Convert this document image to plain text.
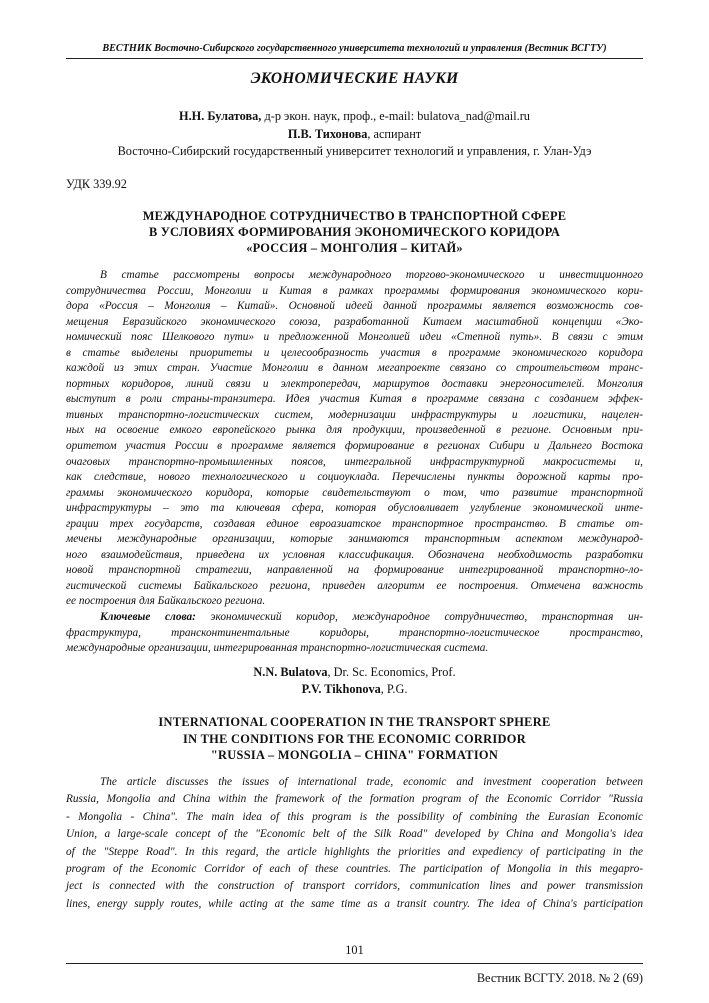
ВЕСТНИК Восточно-Сибирского государственного университета технологий и управления (Вестник ВСГТУ)
ЭКОНОМИЧЕСКИЕ НАУКИ
Н.Н. Булатова, д-р экон. наук, проф., e-mail: bulatova_nad@mail.ru
П.В. Тихонова, аспирант
Восточно-Сибирский государственный университет технологий и управления, г. Улан-Удэ
УДК 339.92
МЕЖДУНАРОДНОЕ СОТРУДНИЧЕСТВО В ТРАНСПОРТНОЙ СФЕРЕ
В УСЛОВИЯХ ФОРМИРОВАНИЯ ЭКОНОМИЧЕСКОГО КОРИДОРА
«РОССИЯ – МОНГОЛИЯ – КИТАЙ»
В статье рассмотрены вопросы международного торгово-экономического и инвестиционного
сотрудничества России, Монголии и Китая в рамках программы формирования экономического кори-
дора «Россия – Монголия – Китай». Основной идеей данной программы является возможность сов-
мещения Евразийского экономического союза, разработанной Китаем масштабной концепции «Эко-
номический пояс Шелкового пути» и предложенной Монголией идеи «Степной путь». В связи с этим
в статье выделены приоритеты и целесообразность участия в программе экономического коридора
каждой из этих стран. Участие Монголии в данном мегапроекте связано со строительством транс-
портных коридоров, линий связи и электропередач, маршрутов доставки энергоносителей. Монголия
выступит в роли страны-транзитера. Идея участия Китая в программе связана с созданием эффек-
тивных транспортно-логистических систем, модернизации инфраструктуры и логистики, нацелен-
ных на освоение емкого европейского рынка для продукции, произведенной в регионе. Основным при-
оритетом участия России в программе является формирование в регионах Сибири и Дальнего Востока
очаговых транспортно-промышленных поясов, интегральной инфраструктурной макросистемы и,
как следствие, нового технологического и социоуклада. Перечислены пункты дорожной карты про-
граммы экономического коридора, которые свидетельствуют о том, что развитие транспортной
инфраструктуры – это та ключевая сфера, которая обусловливает углубление экономической инте-
грации трех государств, создавая единое евроазиатское транспортное пространство. В статье от-
мечены международные организации, которые занимаются транспортным аспектом международ-
ного взаимодействия, приведена их условная классификация. Обозначена необходимость разработки
новой транспортной стратегии, направленной на формирование интегрированной транспортно-ло-
гистической системы Байкальского региона, приведен алгоритм ее построения. Отмечена важность
ее построения для Байкальского региона.
Ключевые слова: экономический коридор, международное сотрудничество, транспортная ин-
фраструктура, трансконтинентальные коридоры, транспортно-логистическое пространство,
международные организации, интегрированная транспортно-логистическая система.
N.N. Bulatova, Dr. Sc. Economics, Prof.
P.V. Tikhonova, P.G.
INTERNATIONAL COOPERATION IN THE TRANSPORT SPHERE
IN THE CONDITIONS FOR THE ECONOMIC CORRIDOR
"RUSSIA – MONGOLIA – CHINA" FORMATION
The article discusses the issues of international trade, economic and investment cooperation between
Russia, Mongolia and China within the framework of the formation program of the Economic Corridor "Russia
- Mongolia - China". The main idea of this program is the possibility of combining the Eurasian Economic
Union, a large-scale concept of the "Economic belt of the Silk Road" developed by China and Mongolia's idea
of the "Steppe Road". In this regard, the article highlights the priorities and expediency of participating in the
program of the Economic Corridor of each of these countries. The participation of Mongolia in this megapro-
ject is connected with the construction of transport corridors, communication lines and power transmission
lines, energy supply routes, while acting at the same time as a transit country. The idea of China's participation
101
Вестник ВСГТУ. 2018. № 2 (69)
